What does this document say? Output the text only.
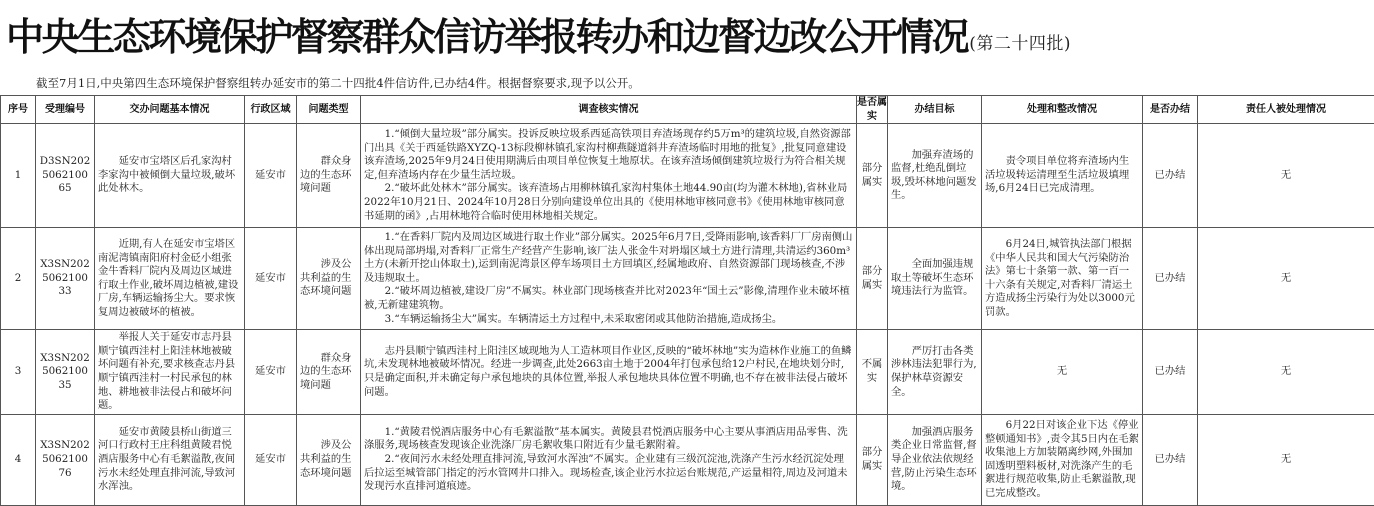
中央生态环境保护督察群众信访举报转办和边督边改公开情况 (第二十四批)
截至7月1日,中央第四生态环境保护督察组转办延安市的第二十四批4件信访件,已办结4件。根据督察要求,现予以公开。
序号	受理编号	交办问题基本情况	行政区域	问题类型	调查核实情况	是否属实	办结目标	处理和整改情况	是否办结	责任人被处理情况
1	D3SN202506210065	延安市宝塔区后孔家沟村李家沟中被倾倒大量垃圾,破坏此处林木。	延安市	群众身边的生态环境问题	1.“倾倒大量垃圾”部分属实。投诉反映垃圾系西延高铁项目弃渣场现存约5万m³的建筑垃圾,自然资源部门出具《关于西延铁路XYZQ-13标段柳林镇孔家沟村柳燕隧道斜井弃渣场临时用地的批复》,批复同意建设该弃渣场,2025年9月24日使用期满后由项目单位恢复土地原状。在该弃渣场倾倒建筑垃圾行为符合相关规定,但弃渣场内存在少量生活垃圾。

2.“破坏此处林木”部分属实。该弃渣场占用柳林镇孔家沟村集体土地44.90亩(均为灌木林地),省林业局2022年10月21日、2024年10月28日分别向建设单位出具的《使用林地审核同意书》《使用林地审核同意书延期的函》,占用林地符合临时使用林地相关规定。	部分属实	加强弃渣场的监督,杜绝乱倒垃圾,毁坏林地问题发生。	责令项目单位将弃渣场内生活垃圾转运清理至生活垃圾填埋场,6月24日已完成清理。	已办结	无
2	X3SN202506210033	近期,有人在延安市宝塔区南泥湾镇南阳府村金砭小组张金牛香料厂院内及周边区域进行取土作业,破坏周边植被,建设厂房,车辆运输扬尘大。要求恢复周边被破坏的植被。	延安市	涉及公共利益的生态环境问题	1.“在香料厂院内及周边区域进行取土作业”部分属实。2025年6月7日,受降雨影响,该香料厂厂房南侧山体出现局部坍塌,对香料厂正常生产经营产生影响,该厂法人张金牛对坍塌区域土方进行清理,共清运约360m³土方(未新开挖山体取土),运到南泥湾景区停车场项目土方回填区,经属地政府、自然资源部门现场核查,不涉及违规取土。

2.“破坏周边植被,建设厂房”不属实。林业部门现场核查并比对2023年“国土云”影像,清理作业未破坏植被,无新建建筑物。

3.“车辆运输扬尘大”属实。车辆清运土方过程中,未采取密闭或其他防治措施,造成扬尘。	部分属实	全面加强违规取土等破坏生态环境违法行为监管。	6月24日,城管执法部门根据《中华人民共和国大气污染防治法》第七十条第一款、第一百一十六条有关规定,对香料厂清运土方造成扬尘污染行为处以3000元罚款。	已办结	无
3	X3SN202506210035	举报人关于延安市志丹县顺宁镇西洼村上阳洼林地被破坏问题有补充,要求核查志丹县顺宁镇西洼村一村民承包的林地、耕地被非法侵占和破坏问题。	延安市	群众身边的生态环境问题	志丹县顺宁镇西洼村上阳洼区域现地为人工造林项目作业区,反映的“破坏林地”实为造林作业施工的鱼鳞坑,未发现林地被破坏情况。经进一步调查,此处2663亩土地于2004年打包承包给12户村民,在地块划分时,只是确定面积,并未确定每户承包地块的具体位置,举报人承包地块具体位置不明确,也不存在被非法侵占破坏问题。	不属实	严厉打击各类涉林违法犯罪行为,保护林草资源安全。	无	已办结	无
4	X3SN202506210076	延安市黄陵县桥山街道三河口行政村王庄科组黄陵君悦酒店服务中心有毛絮溢散,夜间污水未经处理直排河流,导致河水浑浊。	延安市	涉及公共利益的生态环境问题	1.“黄陵君悦酒店服务中心有毛絮溢散”基本属实。黄陵县君悦酒店服务中心主要从事酒店用品零售、洗涤服务,现场核查发现该企业洗涤厂房毛絮收集口附近有少量毛絮附着。

2.“夜间污水未经处理直排河流,导致河水浑浊”不属实。企业建有三级沉淀池,洗涤产生污水经沉淀处理后拉运至城管部门指定的污水管网井口排入。现场检查,该企业污水拉运台账规范,产运量相符,周边及河道未发现污水直排河道痕迹。	部分属实	加强酒店服务类企业日常监督,督导企业依法依规经营,防止污染生态环境。	6月22日对该企业下达《停业整顿通知书》,责令其5日内在毛絮收集池上方加装隔离纱网,外围加固透明塑料板材,对洗涤产生的毛絮进行规范收集,防止毛絮溢散,现已完成整改。	已办结	无
